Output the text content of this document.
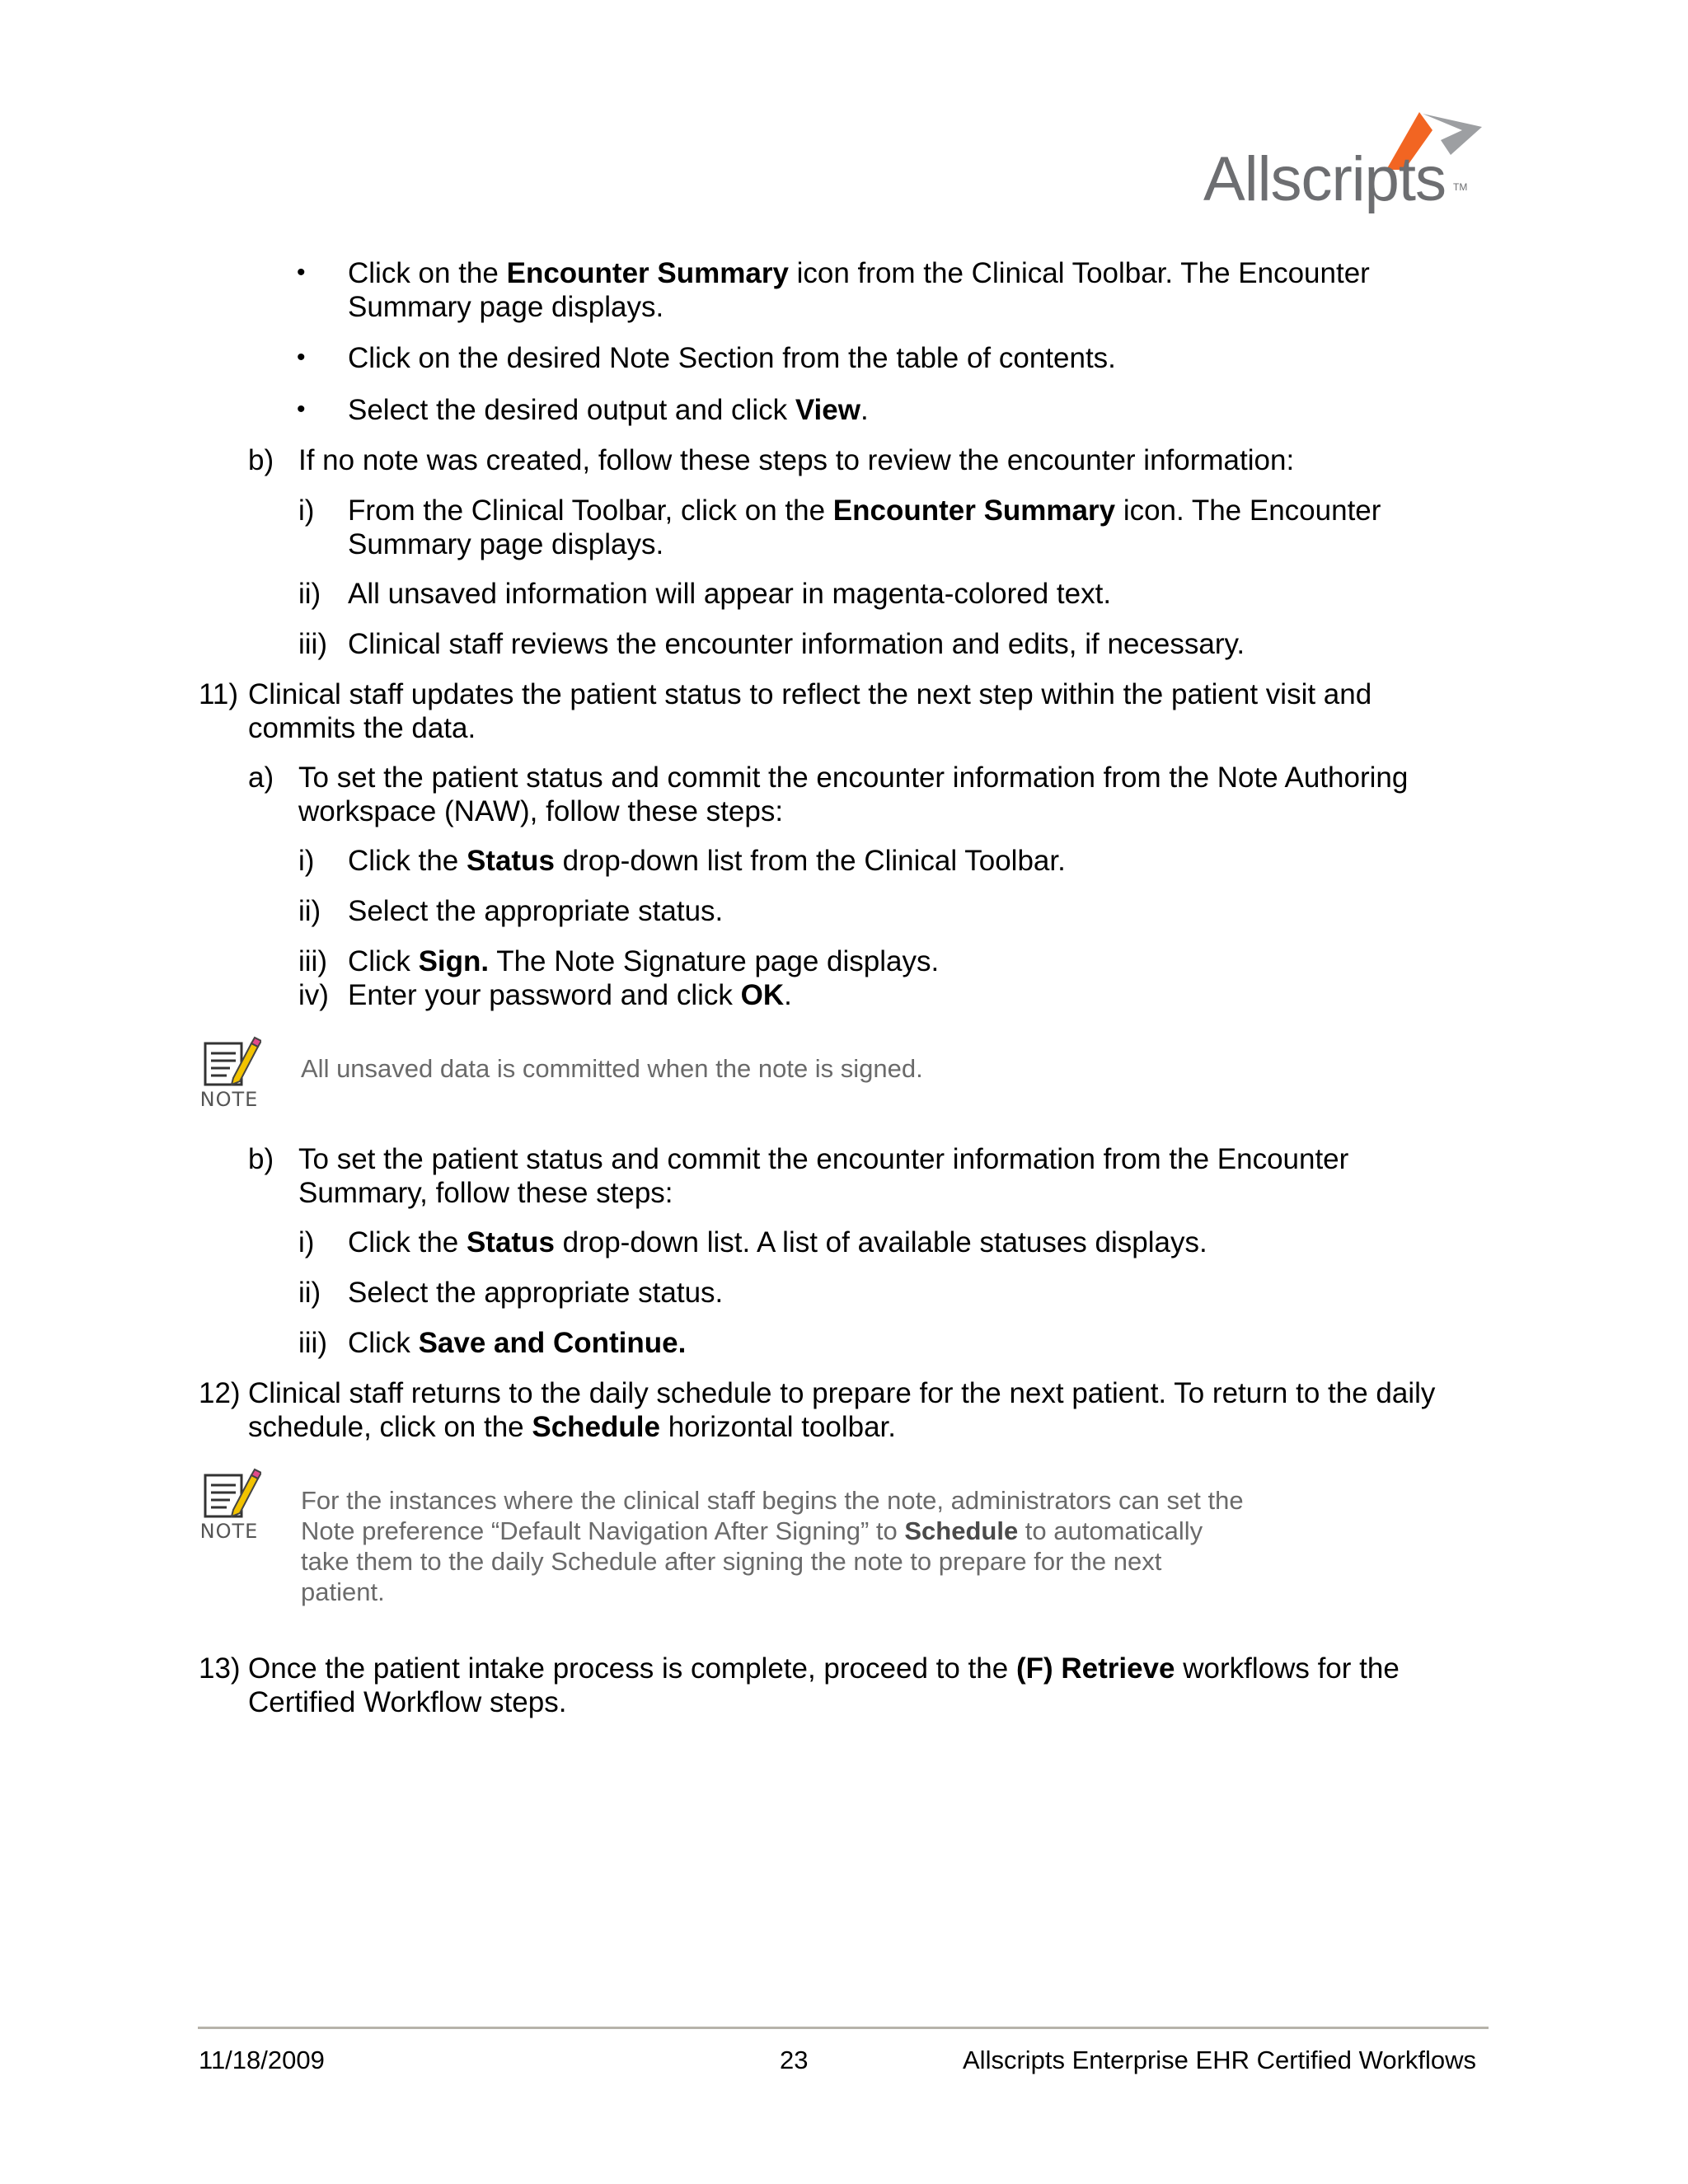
Allscripts TM
• Click on the Encounter Summary icon from the Clinical Toolbar. The Encounter
Summary page displays.
• Click on the desired Note Section from the table of contents.
• Select the desired output and click View.
b) If no note was created, follow these steps to review the encounter information:
i) From the Clinical Toolbar, click on the Encounter Summary icon. The Encounter
Summary page displays.
ii) All unsaved information will appear in magenta-colored text.
iii) Clinical staff reviews the encounter information and edits, if necessary.
11) Clinical staff updates the patient status to reflect the next step within the patient visit and
commits the data.
a) To set the patient status and commit the encounter information from the Note Authoring
workspace (NAW), follow these steps:
i) Click the Status drop-down list from the Clinical Toolbar.
ii) Select the appropriate status.
iii) Click Sign. The Note Signature page displays.
iv) Enter your password and click OK.
NOTE
All unsaved data is committed when the note is signed.
b) To set the patient status and commit the encounter information from the Encounter
Summary, follow these steps:
i) Click the Status drop-down list. A list of available statuses displays.
ii) Select the appropriate status.
iii) Click Save and Continue.
12) Clinical staff returns to the daily schedule to prepare for the next patient. To return to the daily
schedule, click on the Schedule horizontal toolbar.
NOTE
For the instances where the clinical staff begins the note, administrators can set the
Note preference “Default Navigation After Signing” to Schedule to automatically
take them to the daily Schedule after signing the note to prepare for the next
patient.
13) Once the patient intake process is complete, proceed to the (F) Retrieve workflows for the
Certified Workflow steps.
11/18/2009	23	Allscripts Enterprise EHR Certified Workflows
